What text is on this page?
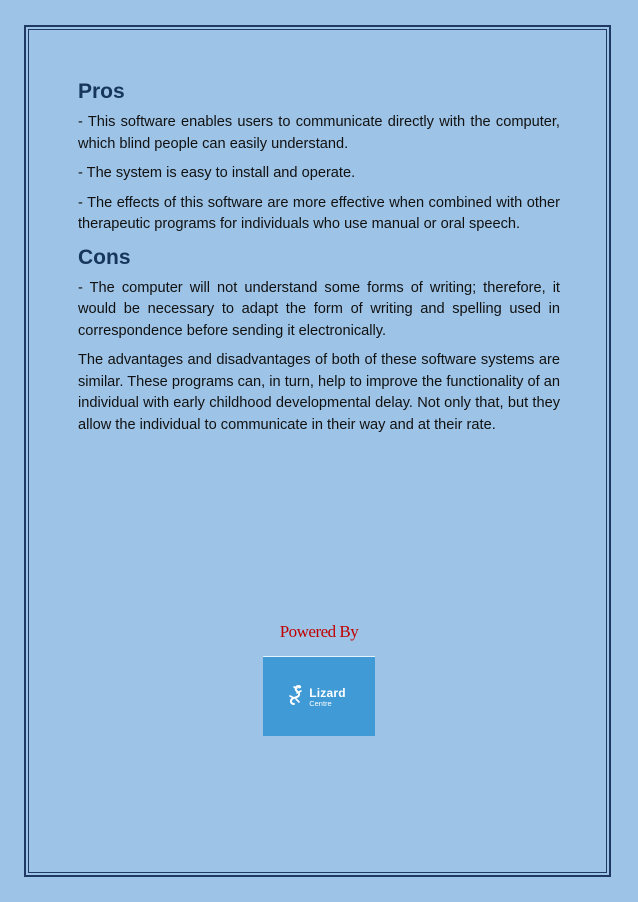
Pros

- This software enables users to communicate directly with the computer, which blind people can easily understand.

- The system is easy to install and operate.

- The effects of this software are more effective when combined with other therapeutic programs for individuals who use manual or oral speech.

Cons

- The computer will not understand some forms of writing; therefore, it would be necessary to adapt the form of writing and spelling used in correspondence before sending it electronically.

The advantages and disadvantages of both of these software systems are similar. These programs can, in turn, help to improve the functionality of an individual with early childhood developmental delay. Not only that, but they allow the individual to communicate in their way and at their rate.

Powered By
Lizard
Centre
